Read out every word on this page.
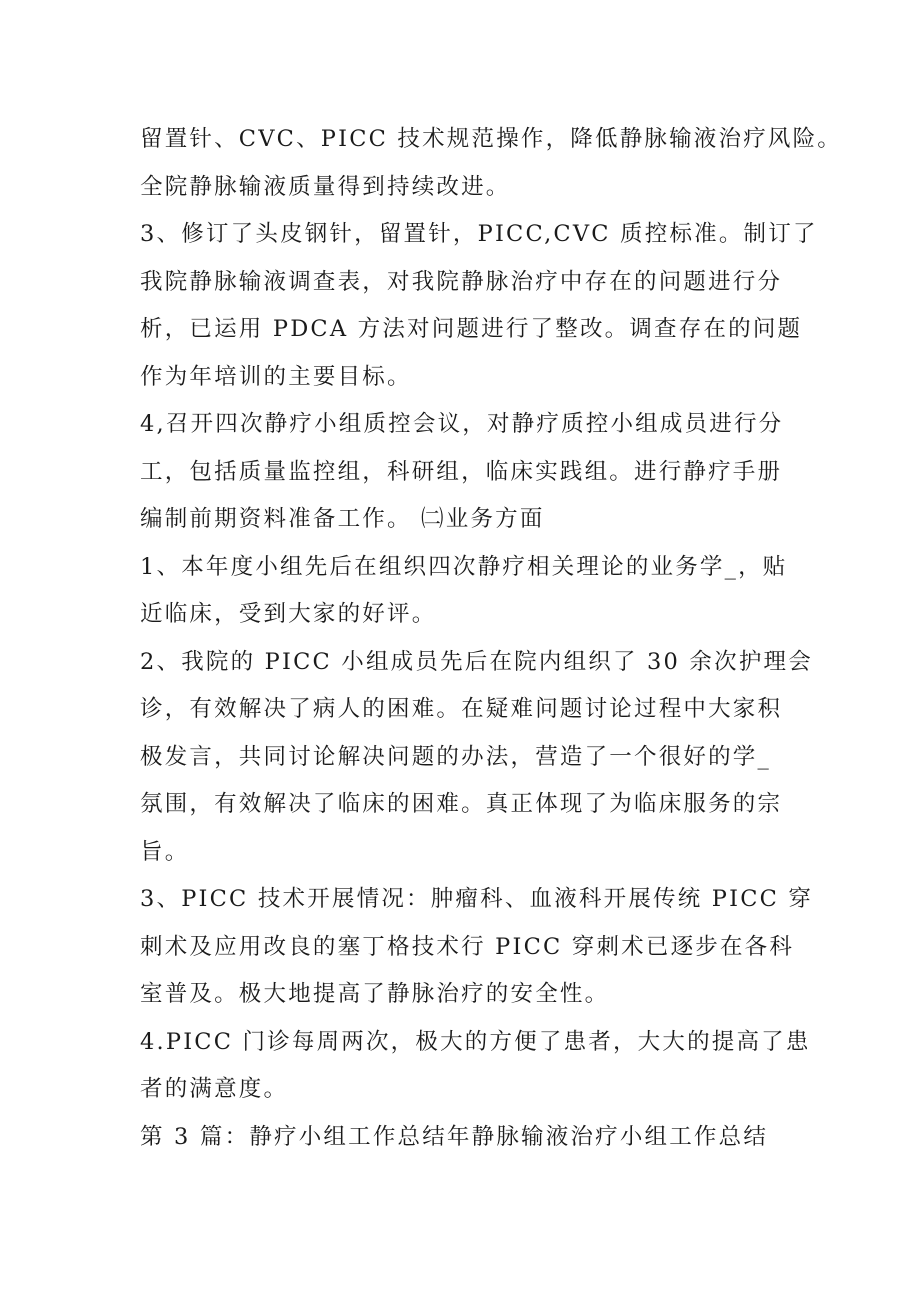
留置针、CVC、PICC 技术规范操作，降低静脉输液治疗风险。
全院静脉输液质量得到持续改进。
3、修订了头皮钢针，留置针，PICC,CVC 质控标准。制订了
我院静脉输液调查表，对我院静脉治疗中存在的问题进行分
析，已运用 PDCA 方法对问题进行了整改。调查存在的问题
作为年培训的主要目标。
4,召开四次静疗小组质控会议，对静疗质控小组成员进行分
工，包括质量监控组，科研组，临床实践组。进行静疗手册
编制前期资料准备工作。 ㈡业务方面
1、本年度小组先后在组织四次静疗相关理论的业务学_，贴
近临床，受到大家的好评。
2、我院的 PICC 小组成员先后在院内组织了 30 余次护理会
诊，有效解决了病人的困难。在疑难问题讨论过程中大家积
极发言，共同讨论解决问题的办法，营造了一个很好的学_
氛围，有效解决了临床的困难。真正体现了为临床服务的宗
旨。
3、PICC 技术开展情况：肿瘤科、血液科开展传统 PICC 穿
刺术及应用改良的塞丁格技术行 PICC 穿刺术已逐步在各科
室普及。极大地提高了静脉治疗的安全性。
4.PICC 门诊每周两次，极大的方便了患者，大大的提高了患
者的满意度。
第 3 篇：静疗小组工作总结年静脉输液治疗小组工作总结
